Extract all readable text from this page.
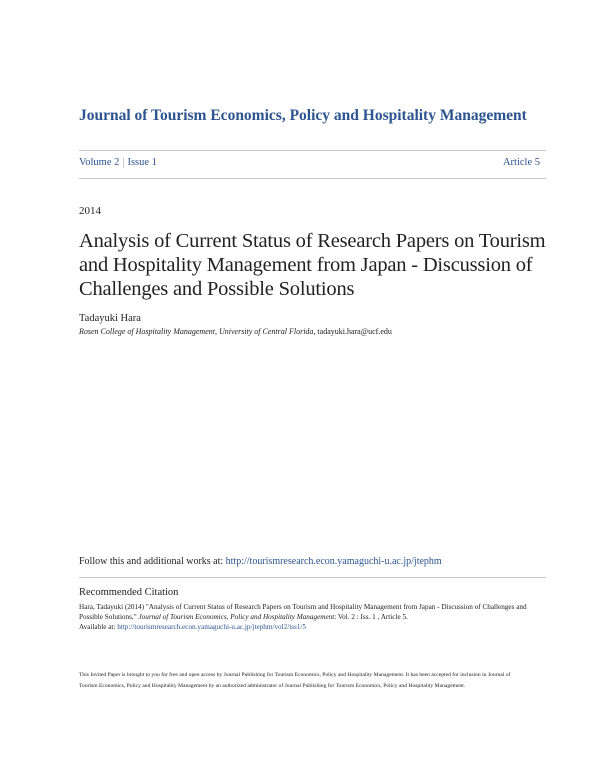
Journal of Tourism Economics, Policy and Hospitality Management
Volume 2 | Issue 1	Article 5
2014
Analysis of Current Status of Research Papers on Tourism and Hospitality Management from Japan - Discussion of Challenges and Possible Solutions
Tadayuki Hara
Rosen College of Hospitality Management, University of Central Florida, tadayuki.hara@ucf.edu
Follow this and additional works at: http://tourismresearch.econ.yamaguchi-u.ac.jp/jtephm
Recommended Citation
Hara, Tadayuki (2014) "Analysis of Current Status of Research Papers on Tourism and Hospitality Management from Japan - Discussion of Challenges and Possible Solutions," Journal of Tourism Economics, Policy and Hospitality Management: Vol. 2 : Iss. 1 , Article 5.
Available at: http://tourismresearch.econ.yamaguchi-u.ac.jp/jtephm/vol2/iss1/5
This Invited Paper is brought to you for free and open access by Journal Publishing for Tourism Economics, Policy and Hospitality Management. It has been accepted for inclusion in Journal of Tourism Economics, Policy and Hospitality Management by an authorized administrator of Journal Publishing for Tourism Economics, Policy and Hospitality Management.
